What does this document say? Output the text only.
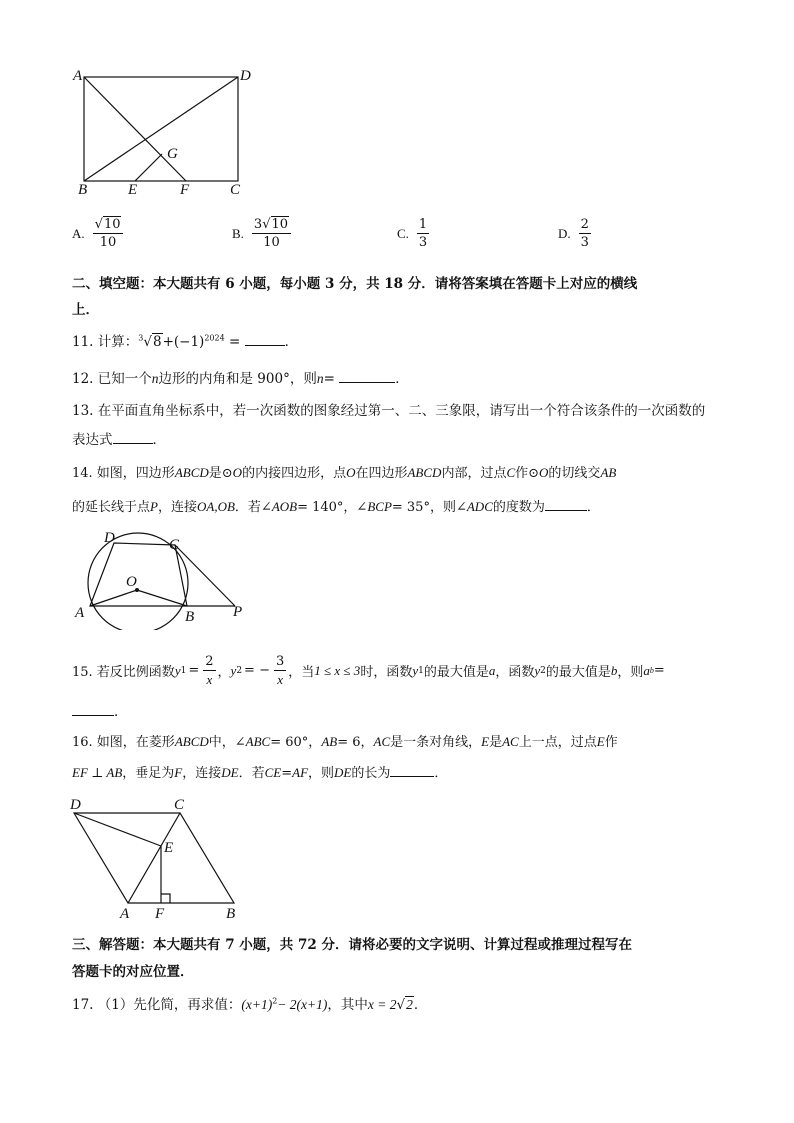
A	D
G
B	E	F	C
A. $\frac{√10}{10}$	B. $\frac{3√10}{10}$	C. $\frac{1}{3}$	D. $\frac{2}{3}$
二、填空题：本大题共有 6 小题，每小题 3 分，共 18 分．请将答案填在答题卡上对应的横线
上．
11. 计算：$^3√8+(-1)^{2024}$ =	．
12. 已知一个n边形的内角和是 900°，则n=	．
13. 在平面直角坐标系中，若一次函数的图象经过第一、二、三象限，请写出一个符合该条件的一次函数的
表达式	．
14. 如图，四边形ABCD是⊙O的内接四边形，点O在四边形ABCD内部，过点C作⊙O的切线交AB
的延长线于点P，连接OA,OB．若∠AOB= 140°，∠BCP= 35°，则∠ADC的度数为	．
D	C
O
A	B	P
15. 若反比例函数 y $1 = \frac{2}{x}$ ， y 2 = − $\frac{3}{x}$ ，当 1 ≤ x ≤ 3 时，函数 y 1 的最大值是 a ，函数 y 2 的最大值是 b ，则 a b =
．
16. 如图，在菱形ABCD中，∠ABC= 60°，AB= 6，AC是一条对角线，E是AC上一点，过点E作
EF ⊥ AB，垂足为F，连接DE．若CE=AF，则DE的长为	．
D	C
E
A F	B
三、解答题：本大题共有 7 小题，共 72 分．请将必要的文字说明、计算过程或推理过程写在
答题卡的对应位置．
17. （1）先化简，再求值：$(x+1)^2- 2(x+1)$，其中x = 2√2．
